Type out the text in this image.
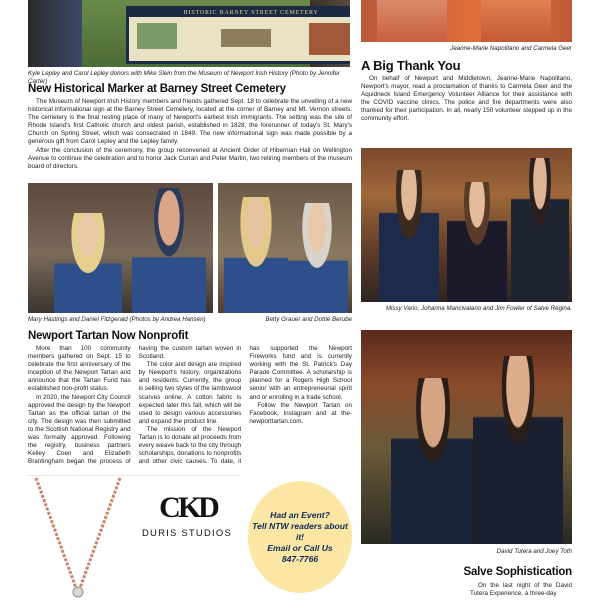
HISTORIC BARNEY STREET CEMETERY
Kyle Lepley and Carol Lepley donors with Mike Slein from the Museum of Newport Irish History (Photo by Jennifer Carter)
New Historical Marker at Barney Street Cemetery

The Museum of Newport Irish History members and friends gathered Sept. 18 to celebrate the unveiling of a new historical informational sign at the Barney Street Cemetery, located at the corner of Barney and Mt. Vernon streets. The cemetery is the final resting place of many of Newport's earliest Irish immigrants. The setting was the site of Rhode Island's first Catholic church and oldest parish, established in 1828, the forerunner of today's St. Mary's Church on Spring Street, which was consecrated in 1849. The new informational sign was made possible by a generous gift from Carol Lepley and the Lepley family.

After the conclusion of the ceremony, the group reconvened at Ancient Order of Hibernian Hall on Wellington Avenue to continue the celebration and to honor Jack Curran and Peter Martin, two retiring members of the museum board of directors.

Mary Hastings and Daniel Fitzgerald (Photos by Andrea Hansen)	Betty Grauer and Dottie Berube
Newport Tartan Now Nonprofit

More than 100 community members gathered on Sept. 15 to celebrate the first anniversary of the inception of the Newport Tartan and announce that the Tartan Fund has established non-profit status.

In 2020, the Newport City Council approved the design by the Newport Tartan as the official tartan of the city. The design was then submitted to the Scottish National Registry and was formally approved. Following the registry, business partners Kelley Coen and Elizabeth Brantingham began the process of having the custom tartan woven in Scotland.

The color and design are inspired by Newport's history, organizations and residents. Currently, the group is selling two styles of the lambswool scarves online. A cotton fabric is expected later this fall, which will be used to design various accessories and expand the product line.

The mission of the Newport Tartan is to donate all proceeds from every weave back to the city through scholarships, donations to nonprofits and other civic causes. To date, it has supported the Newport Fireworks fund and is currently working with the St. Patrick's Day Parade Committee. A scholarship is planned for a Rogers High School senior with an entrepreneurial spirit and or enrolling in a trade school.

Follow the Newport Tartan on Facebook, Instagram and at the-newporttartan.com.

CKD
DURIS STUDIOS
Had an Event?
Tell NTW readers about it!
Email or Call Us
847-7766
Jeanne-Marie Napolitano and Carmela Geer
A Big Thank You

On behalf of Newport and Middletown, Jeanne-Marie Napolitano, Newport's mayor, read a proclamation of thanks to Carmela Geer and the Aquidneck Island Emergency Volunteer Alliance for their assistance with the COVID vaccine clinics. The police and fire departments were also thanked for their participation. In all, nearly 150 volunteer stepped up in the community effort.

Missy Vario, Johanna Mancivalano and Jim Fowler of Salve Regina.
David Tutera and Joey Toth
Salve Sophistication

On the last night of the David Tutera Experience, a three-day
